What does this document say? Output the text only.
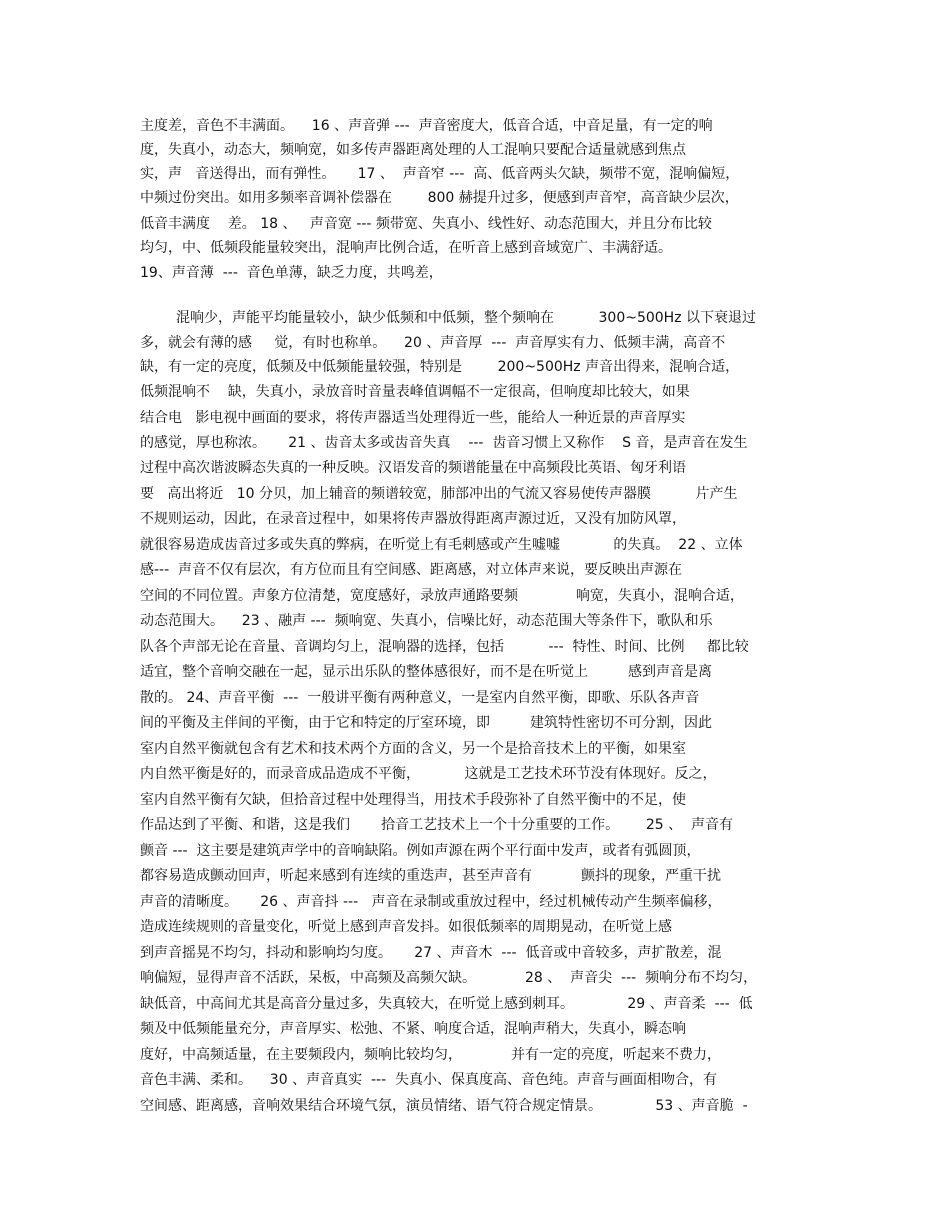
主度差，音色不丰满面。    16 、声音弹 ---  声音密度大，低音合适，中音足量，有一定的响
度，失真小，动态大，频响宽，如多传声器距离处理的人工混响只要配合适量就感到焦点
实，声   音送得出，而有弹性。     17 、  声音窄 ---  高、低音两头欠缺，频带不宽，混响偏短，
中频过份突出。如用多频率音调补偿器在        800 赫提升过多，便感到声音窄，高音缺少层次，
低音丰满度    差。 18 、   声音宽 --- 频带宽、失真小、线性好、动态范围大，并且分布比较
均匀，中、低频段能量较突出，混响声比例合适，在听音上感到音域宽广、丰满舒适。
19、声音薄  ---  音色单薄，缺乏力度，共鸣差，
混响少，声能平均能量较小，缺少低频和中低频，整个频响在          300~500Hz 以下衰退过
多，就会有薄的感     觉，有时也称单。    20 、声音厚  ---  声音厚实有力、低频丰满，高音不
缺，有一定的亮度，低频及中低频能量较强，特别是        200~500Hz 声音出得来，混响合适，
低频混响不    缺，失真小，录放音时音量表峰值调幅不一定很高，但响度却比较大，如果
结合电   影电视中画面的要求，将传声器适当处理得近一些，能给人一种近景的声音厚实
的感觉，厚也称浓。     21 、齿音太多或齿音失真    ---  齿音习惯上又称作    S 音，是声音在发生
过程中高次谐波瞬态失真的一种反映。汉语发音的频谱能量在中高频段比英语、匈牙利语
要   高出将近   10 分贝，加上辅音的频谱较宽，肺部冲出的气流又容易使传声器膜          片产生
不规则运动，因此，在录音过程中，如果将传声器放得距离声源过近，又没有加防风罩，
就很容易造成齿音过多或失真的弊病，在听觉上有毛刺感或产生嘘嘘            的失真。  22 、立体
感---  声音不仅有层次，有方位而且有空间感、距离感，对立体声来说，要反映出声源在
空间的不同位置。声象方位清楚，宽度感好，录放声通路要频             响宽，失真小，混响合适，
动态范围大。    23 、融声 ---  频响宽、失真小，信噪比好，动态范围大等条件下，歌队和乐
队各个声部无论在音量、音调均匀上，混响器的选择，包括          ---  特性、时间、比例     都比较
适宜，整个音响交融在一起，显示出乐队的整体感很好，而不是在听觉上         感到声音是离
散的。 24、声音平衡  ---  一般讲平衡有两种意义，一是室内自然平衡，即歌、乐队各声音
间的平衡及主伴间的平衡，由于它和特定的厅室环境，即         建筑特性密切不可分割，因此
室内自然平衡就包含有艺术和技术两个方面的含义，另一个是拾音技术上的平衡，如果室
内自然平衡是好的，而录音成品造成不平衡，          这就是工艺技术环节没有体现好。反之，
室内自然平衡有欠缺，但拾音过程中处理得当，用技术手段弥补了自然平衡中的不足，使
作品达到了平衡、和谐，这是我们       拾音工艺技术上一个十分重要的工作。      25 、  声音有
颤音 ---  这主要是建筑声学中的音响缺陷。例如声源在两个平行面中发声，或者有弧圆顶，
都容易造成颤动回声，听起来感到有连续的重迭声，甚至声音有           颤抖的现象，严重干扰
声音的清晰度。     26 、声音抖 ---   声音在录制或重放过程中，经过机械传动产生频率偏移，
造成连续规则的音量变化，听觉上感到声音发抖。如很低频率的周期晃动，在听觉上感
到声音摇晃不均匀，抖动和影响均匀度。     27 、声音木  ---  低音或中音较多，声扩散差，混
响偏短，显得声音不活跃，呆板，中高频及高频欠缺。           28 、  声音尖  ---  频响分布不均匀，
缺低音，中高间尤其是高音分量过多，失真较大，在听觉上感到刺耳。            29 、声音柔  ---  低
频及中低频能量充分，声音厚实、松弛、不紧、响度合适，混响声稍大，失真小，瞬态响
度好，中高频适量，在主要频段内，频响比较均匀，           并有一定的亮度，听起来不费力，
音色丰满、柔和。    30 、声音真实  ---  失真小、保真度高、音色纯。声音与画面相吻合，有
空间感、距离感，音响效果结合环境气氛，演员情绪、语气符合规定情景。            53 、声音脆  -
